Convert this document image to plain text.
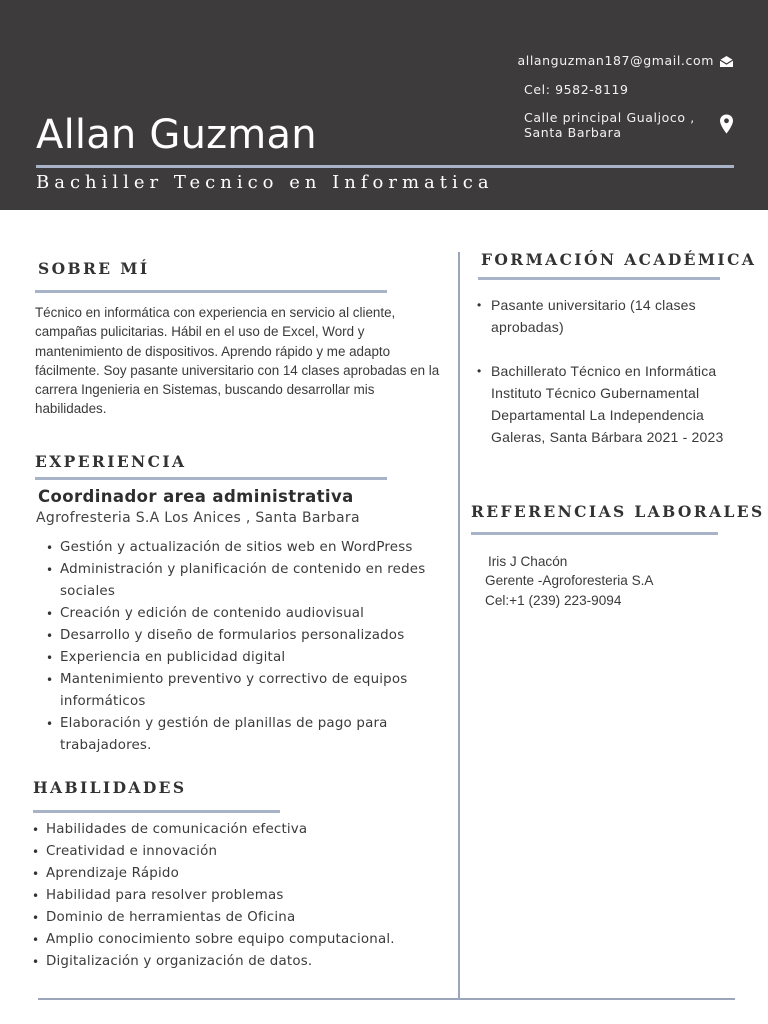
Allan Guzman
Bachiller Tecnico en Informatica
allanguzman187@gmail.com
Cel: 9582-8119
Calle principal Gualjoco ,
Santa Barbara
SOBRE MÍ
Técnico en informática con experiencia en servicio al cliente, campañas pulicitarias. Hábil en el uso de Excel, Word y mantenimiento de dispositivos. Aprendo rápido y me adapto fácilmente. Soy pasante universitario con 14 clases aprobadas en la carrera Ingenieria en Sistemas, buscando desarrollar mis habilidades.
EXPERIENCIA
Coordinador area administrativa
Agrofresteria S.A Los Anices , Santa Barbara
• Gestión y actualización de sitios web en WordPress
• Administración y planificación de contenido en redes sociales
• Creación y edición de contenido audiovisual
• Desarrollo y diseño de formularios personalizados
• Experiencia en publicidad digital
• Mantenimiento preventivo y correctivo de equipos informáticos
• Elaboración y gestión de planillas de pago para trabajadores.
HABILIDADES
• Habilidades de comunicación efectiva
• Creatividad e innovación
• Aprendizaje Rápido
• Habilidad para resolver problemas
• Dominio de herramientas de Oficina
• Amplio conocimiento sobre equipo computacional.
• Digitalización y organización de datos.
FORMACIÓN ACADÉMICA
• Pasante universitario (14 clases aprobadas)
• Bachillerato Técnico en Informática Instituto Técnico Gubernamental Departamental La Independencia Galeras, Santa Bárbara 2021 - 2023
REFERENCIAS LABORALES
Iris J Chacón
Gerente -Agroforesteria S.A
Cel:+1 (239) 223-9094
